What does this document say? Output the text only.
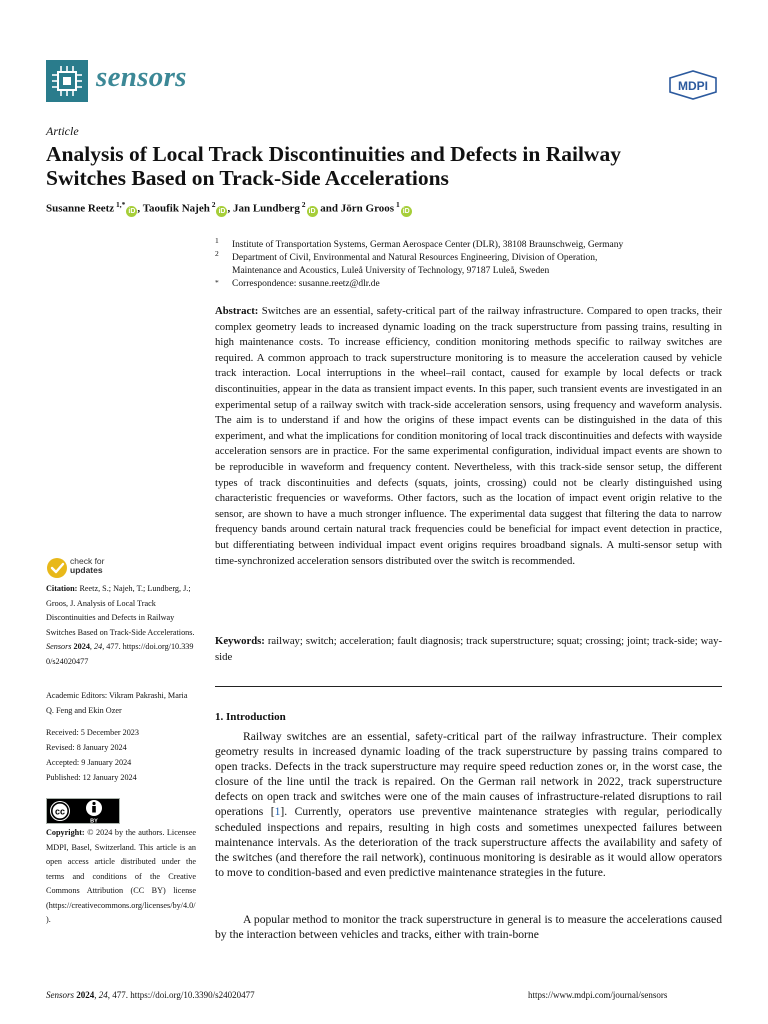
sensors	MDPI
Article
Analysis of Local Track Discontinuities and Defects in Railway
Switches Based on Track-Side Accelerations
Susanne Reetz $^{1,*}$iD , Taoufik Najeh $^2$iD , Jan Lundberg $^2$iD and Jörn Groos $^1$iD
1	Institute of Transportation Systems, German Aerospace Center (DLR), 38108 Braunschweig, Germany
2	Department of Civil, Environmental and Natural Resources Engineering, Division of Operation,
Maintenance and Acoustics, Luleå University of Technology, 97187 Luleå, Sweden
*	Correspondence: susanne.reetz@dlr.de
Abstract: Switches are an essential, safety-critical part of the railway infrastructure. Compared to open tracks, their complex geometry leads to increased dynamic loading on the track superstructure from passing trains, resulting in high maintenance costs. To increase efficiency, condition monitoring methods specific to railway switches are required. A common approach to track superstructure monitoring is to measure the acceleration caused by vehicle track interaction. Local interruptions in the wheel–rail contact, caused for example by local defects or track discontinuities, appear in the data as transient impact events. In this paper, such transient events are investigated in an experimental setup of a railway switch with track-side acceleration sensors, using frequency and waveform analysis. The aim is to understand if and how the origins of these impact events can be distinguished in the data of this experiment, and what the implications for condition monitoring of local track discontinuities and defects with wayside acceleration sensors are in practice. For the same experimental configuration, individual impact events are shown to be reproducible in waveform and frequency content. Nevertheless, with this track-side sensor setup, the different types of track discontinuities and defects (squats, joints, crossing) could not be clearly distinguished using characteristic frequencies or waveforms. Other factors, such as the location of impact event origin relative to the sensor, are shown to have a much stronger influence. The experimental data suggest that filtering the data to narrow frequency bands around certain natural track frequencies could be beneficial for impact event detection in practice, but differentiating between individual impact event origins requires broadband signals. A multi-sensor setup with time-synchronized acceleration sensors distributed over the switch is recommended.
Keywords: railway; switch; acceleration; fault diagnosis; track superstructure; squat; crossing; joint; track-side; way-side
1. Introduction
Railway switches are an essential, safety-critical part of the railway infrastructure. Their complex geometry results in increased dynamic loading of the track superstructure by passing trains compared to open tracks. Defects in the track superstructure may require speed reduction zones or, in the worst case, the closure of the line until the track is repaired. On the German rail network in 2022, track superstructure defects on open track and switches were one of the main causes of infrastructure-related disruptions to rail operations [1]. Currently, operators use preventive maintenance strategies with regular, periodically scheduled inspections and repairs, resulting in high costs and sometimes unexpected failures between maintenance intervals. As the deterioration of the track superstructure affects the availability and safety of the switches (and therefore the rail network), continuous monitoring is desirable as it would allow operators to move to condition-based and even predictive maintenance strategies in the future.
A popular method to monitor the track superstructure in general is to measure the accelerations caused by the interaction between vehicles and tracks, either with train-borne
check for
updates
Citation: Reetz, S.; Najeh, T.; Lundberg, J.; Groos, J. Analysis of Local Track Discontinuities and Defects in Railway Switches Based on Track-Side Accelerations. Sensors 2024, 24, 477. https://doi.org/10.3390/s24020477
Academic Editors: Vikram Pakrashi, Maria Q. Feng and Ekin Ozer
Received: 5 December 2023
Revised: 8 January 2024
Accepted: 9 January 2024
Published: 12 January 2024
cc
BY
Copyright: © 2024 by the authors. Licensee MDPI, Basel, Switzerland. This article is an open access article distributed under the terms and conditions of the Creative Commons Attribution (CC BY) license (https://creativecommons.org/licenses/by/4.0/).
Sensors 2024, 24, 477. https://doi.org/10.3390/s24020477	https://www.mdpi.com/journal/sensors
